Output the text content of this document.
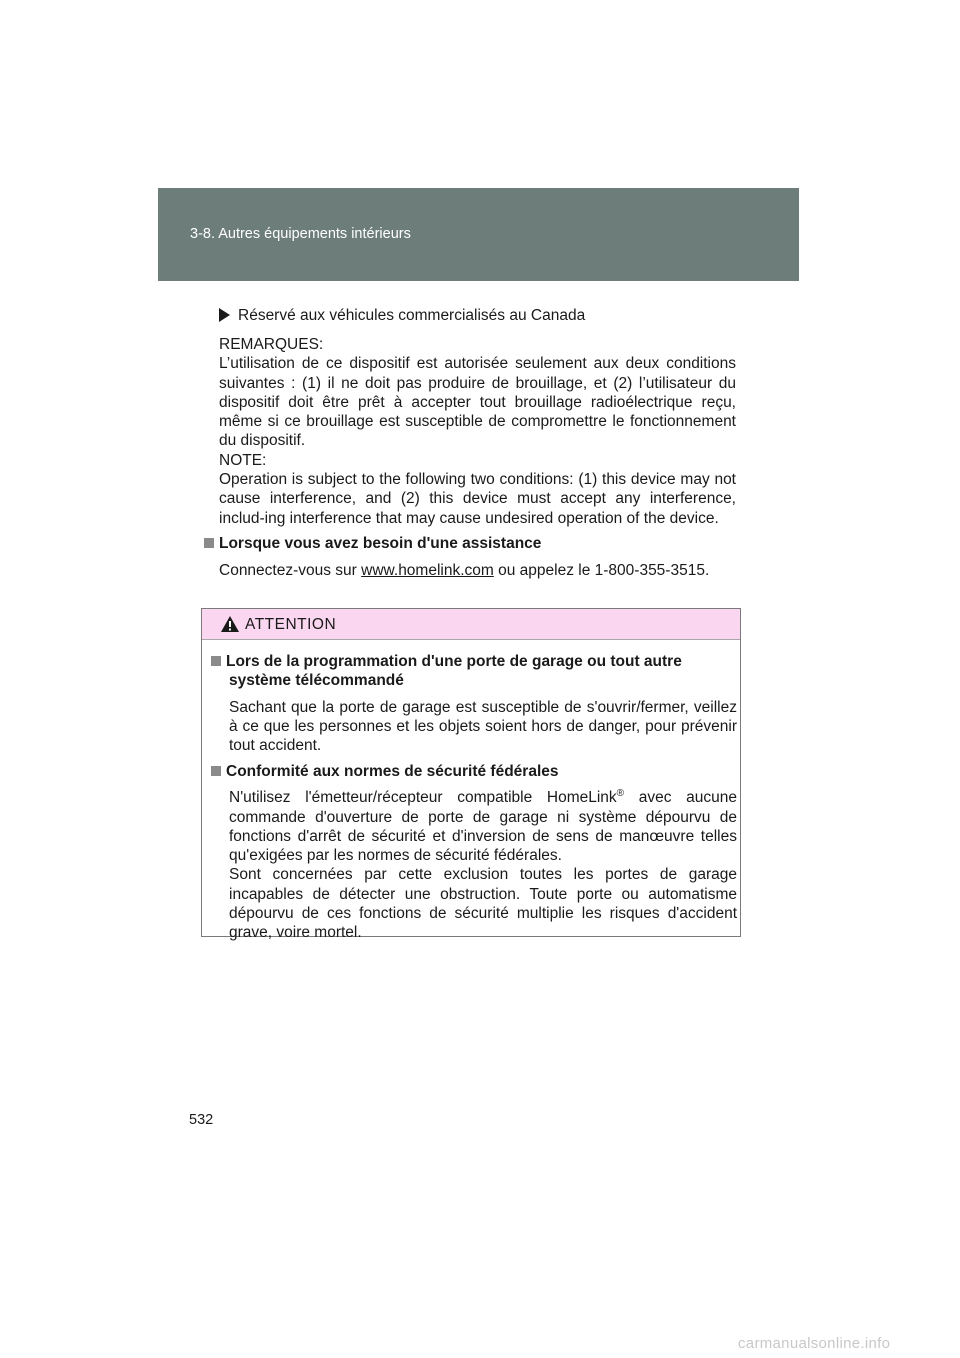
3-8. Autres équipements intérieurs
Réservé aux véhicules commercialisés au Canada
REMARQUES:
L’utilisation de ce dispositif est autorisée seulement aux deux conditions suivantes : (1) il ne doit pas produire de brouillage, et (2) l’utilisateur du dispositif doit être prêt à accepter tout brouillage radioélectrique reçu, même si ce brouillage est susceptible de compromettre le fonctionnement du dispositif.
NOTE:
Operation is subject to the following two conditions: (1) this device may not cause interference, and (2) this device must accept any interference, includ-ing interference that may cause undesired operation of the device.
Lorsque vous avez besoin d'une assistance
Connectez-vous sur www.homelink.com ou appelez le 1-800-355-3515.
ATTENTION
Lors de la programmation d'une porte de garage ou tout autre système télécommandé
Sachant que la porte de garage est susceptible de s'ouvrir/fermer, veillez à ce que les personnes et les objets soient hors de danger, pour prévenir tout accident.
Conformité aux normes de sécurité fédérales
N'utilisez l'émetteur/récepteur compatible HomeLink® avec aucune commande d'ouverture de porte de garage ni système dépourvu de fonctions d'arrêt de sécurité et d'inversion de sens de manœuvre telles qu'exigées par les normes de sécurité fédérales.
Sont concernées par cette exclusion toutes les portes de garage incapables de détecter une obstruction. Toute porte ou automatisme dépourvu de ces fonctions de sécurité multiplie les risques d'accident grave, voire mortel.
532
carmanualsonline.info
